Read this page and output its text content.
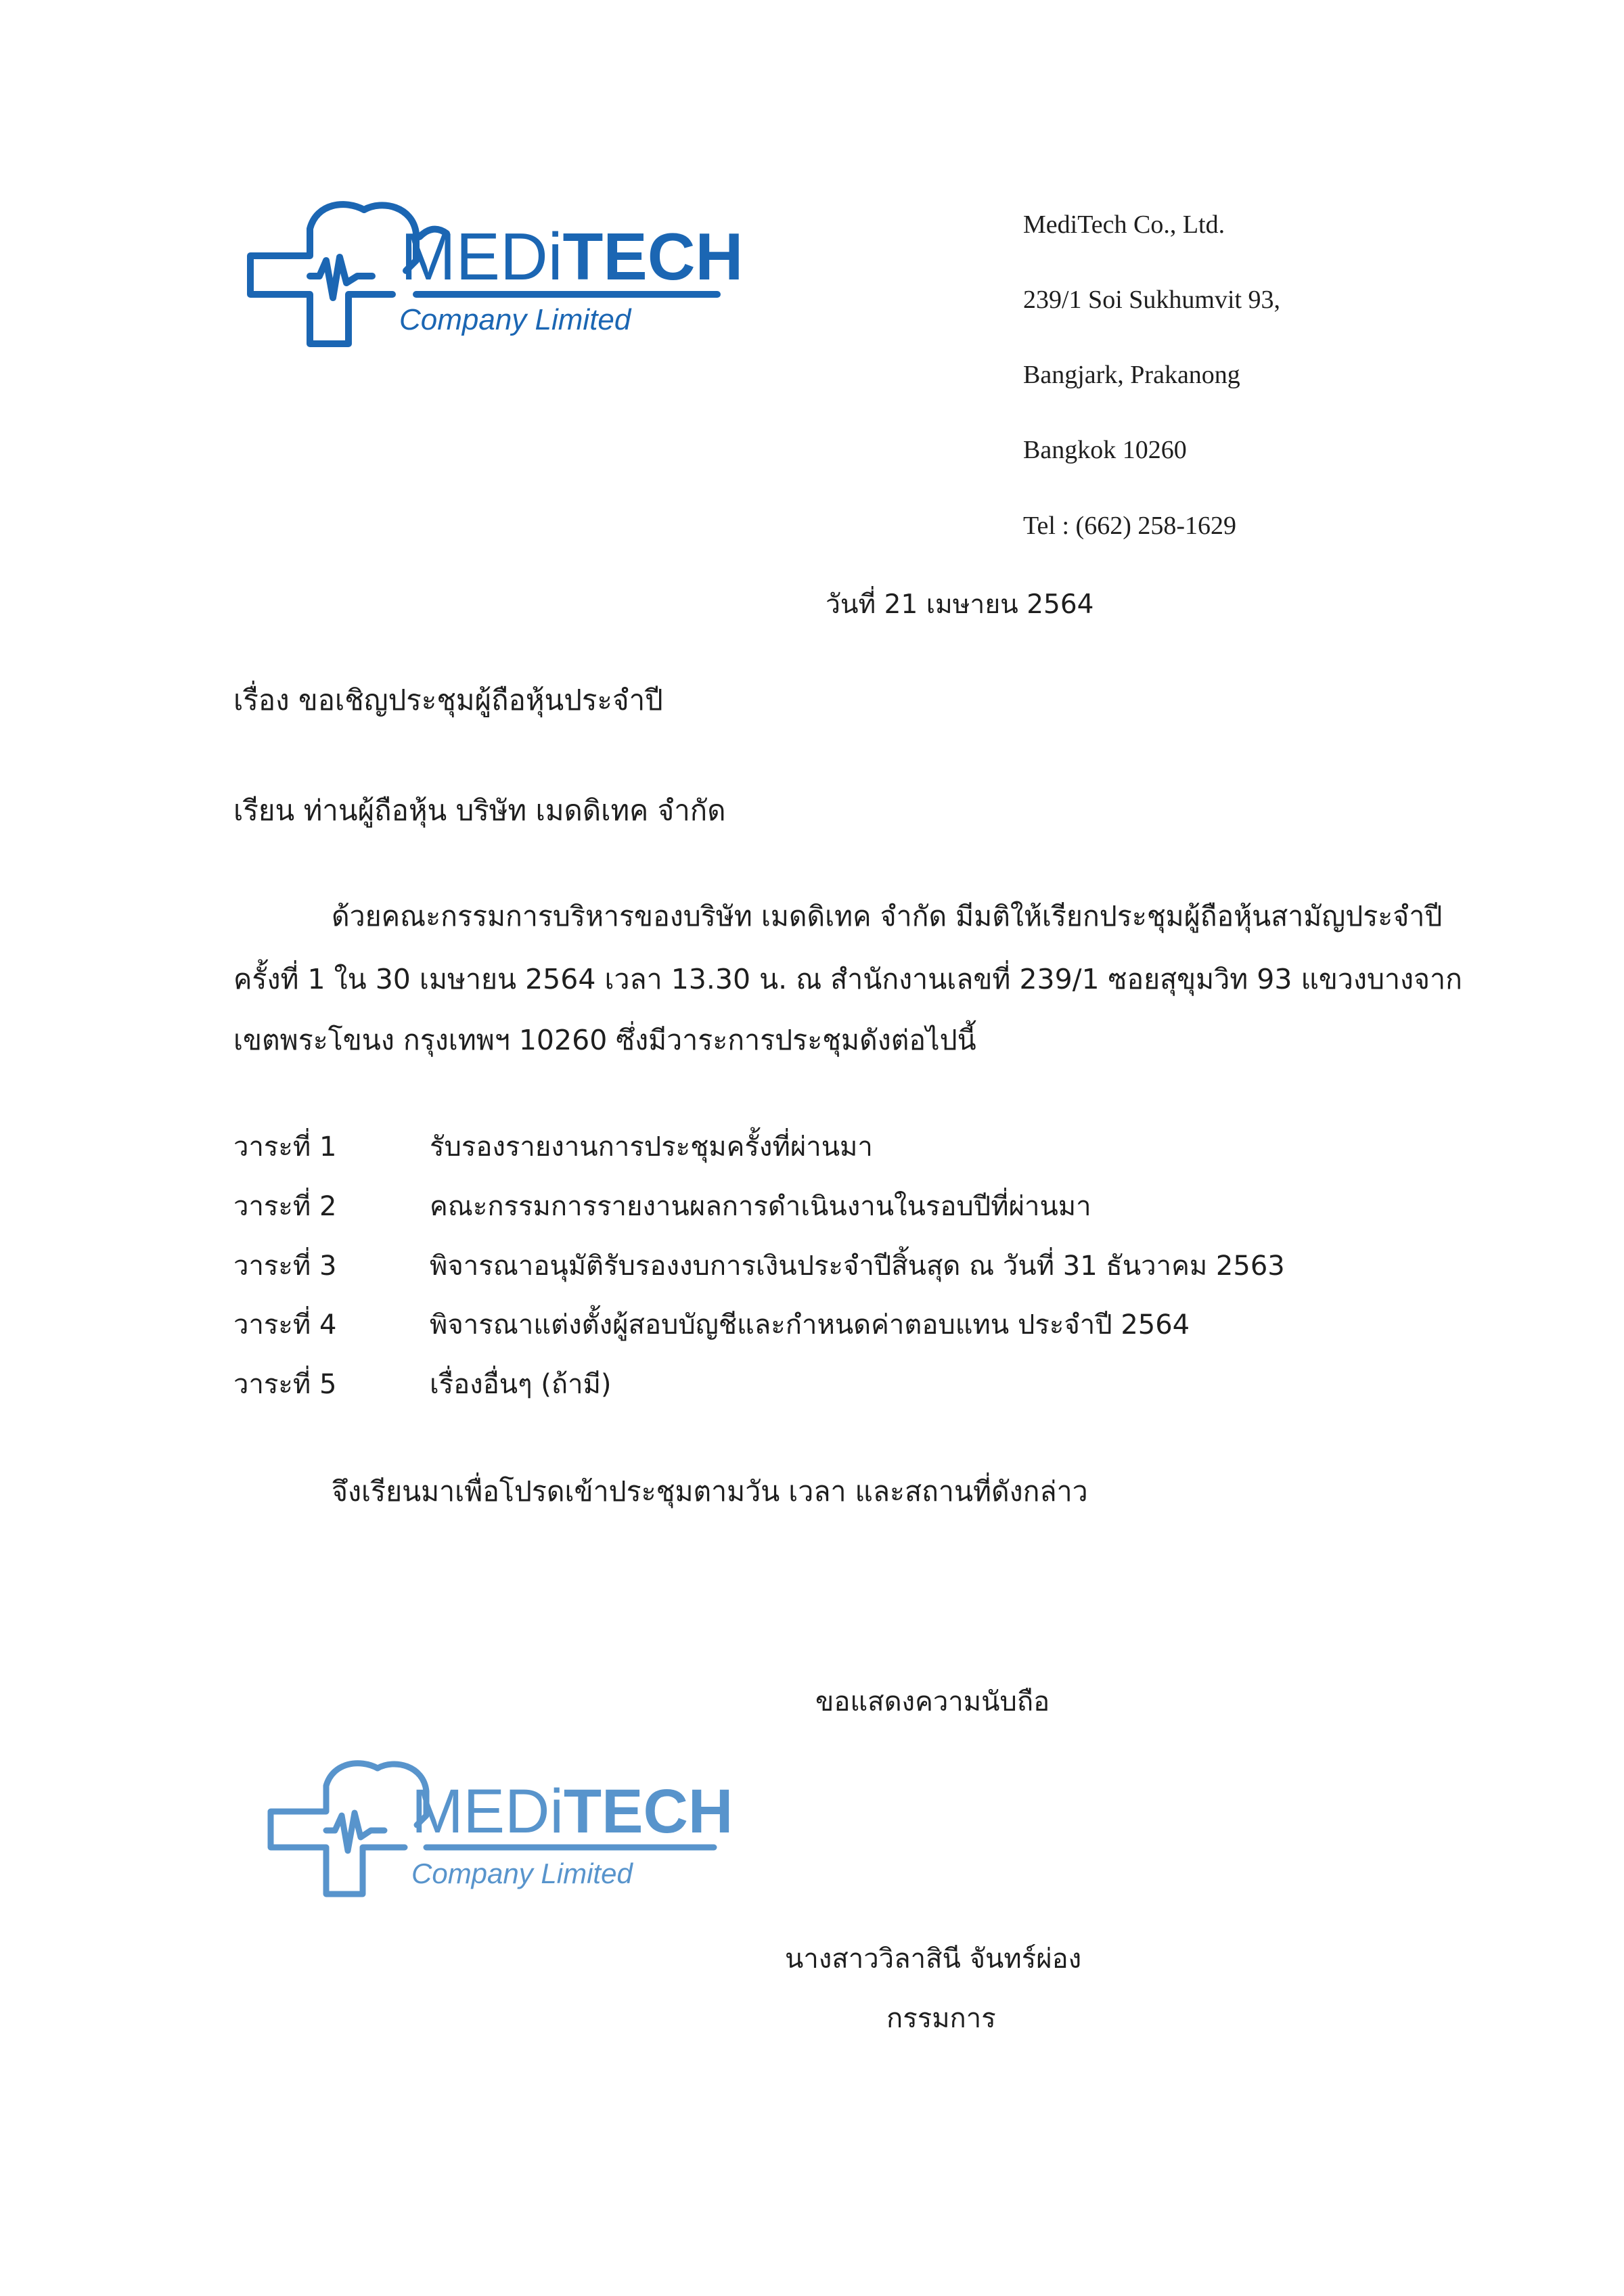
MEDiTECH
Company Limited
MediTech Co., Ltd.
239/1 Soi Sukhumvit 93,
Bangjark, Prakanong
Bangkok 10260
Tel : (662) 258-1629
วันที่ 21 เมษายน 2564
เรื่อง ขอเชิญประชุมผู้ถือหุ้นประจำปี
เรียน ท่านผู้ถือหุ้น บริษัท เมดดิเทค จำกัด
ด้วยคณะกรรมการบริหารของบริษัท เมดดิเทค จำกัด มีมติให้เรียกประชุมผู้ถือหุ้นสามัญประจำปี
ครั้งที่ 1 ใน 30 เมษายน 2564 เวลา 13.30 น. ณ สำนักงานเลขที่ 239/1 ซอยสุขุมวิท 93 แขวงบางจาก
เขตพระโขนง กรุงเทพฯ 10260 ซึ่งมีวาระการประชุมดังต่อไปนี้
วาระที่ 1	รับรองรายงานการประชุมครั้งที่ผ่านมา
วาระที่ 2	คณะกรรมการรายงานผลการดำเนินงานในรอบปีที่ผ่านมา
วาระที่ 3	พิจารณาอนุมัติรับรองงบการเงินประจำปีสิ้นสุด ณ วันที่ 31 ธันวาคม 2563
วาระที่ 4	พิจารณาแต่งตั้งผู้สอบบัญชีและกำหนดค่าตอบแทน ประจำปี 2564
วาระที่ 5	เรื่องอื่นๆ (ถ้ามี)
จึงเรียนมาเพื่อโปรดเข้าประชุมตามวัน เวลา และสถานที่ดังกล่าว
ขอแสดงความนับถือ
MEDiTECH
Company Limited
นางสาววิลาสินี จันทร์ผ่อง
กรรมการ
